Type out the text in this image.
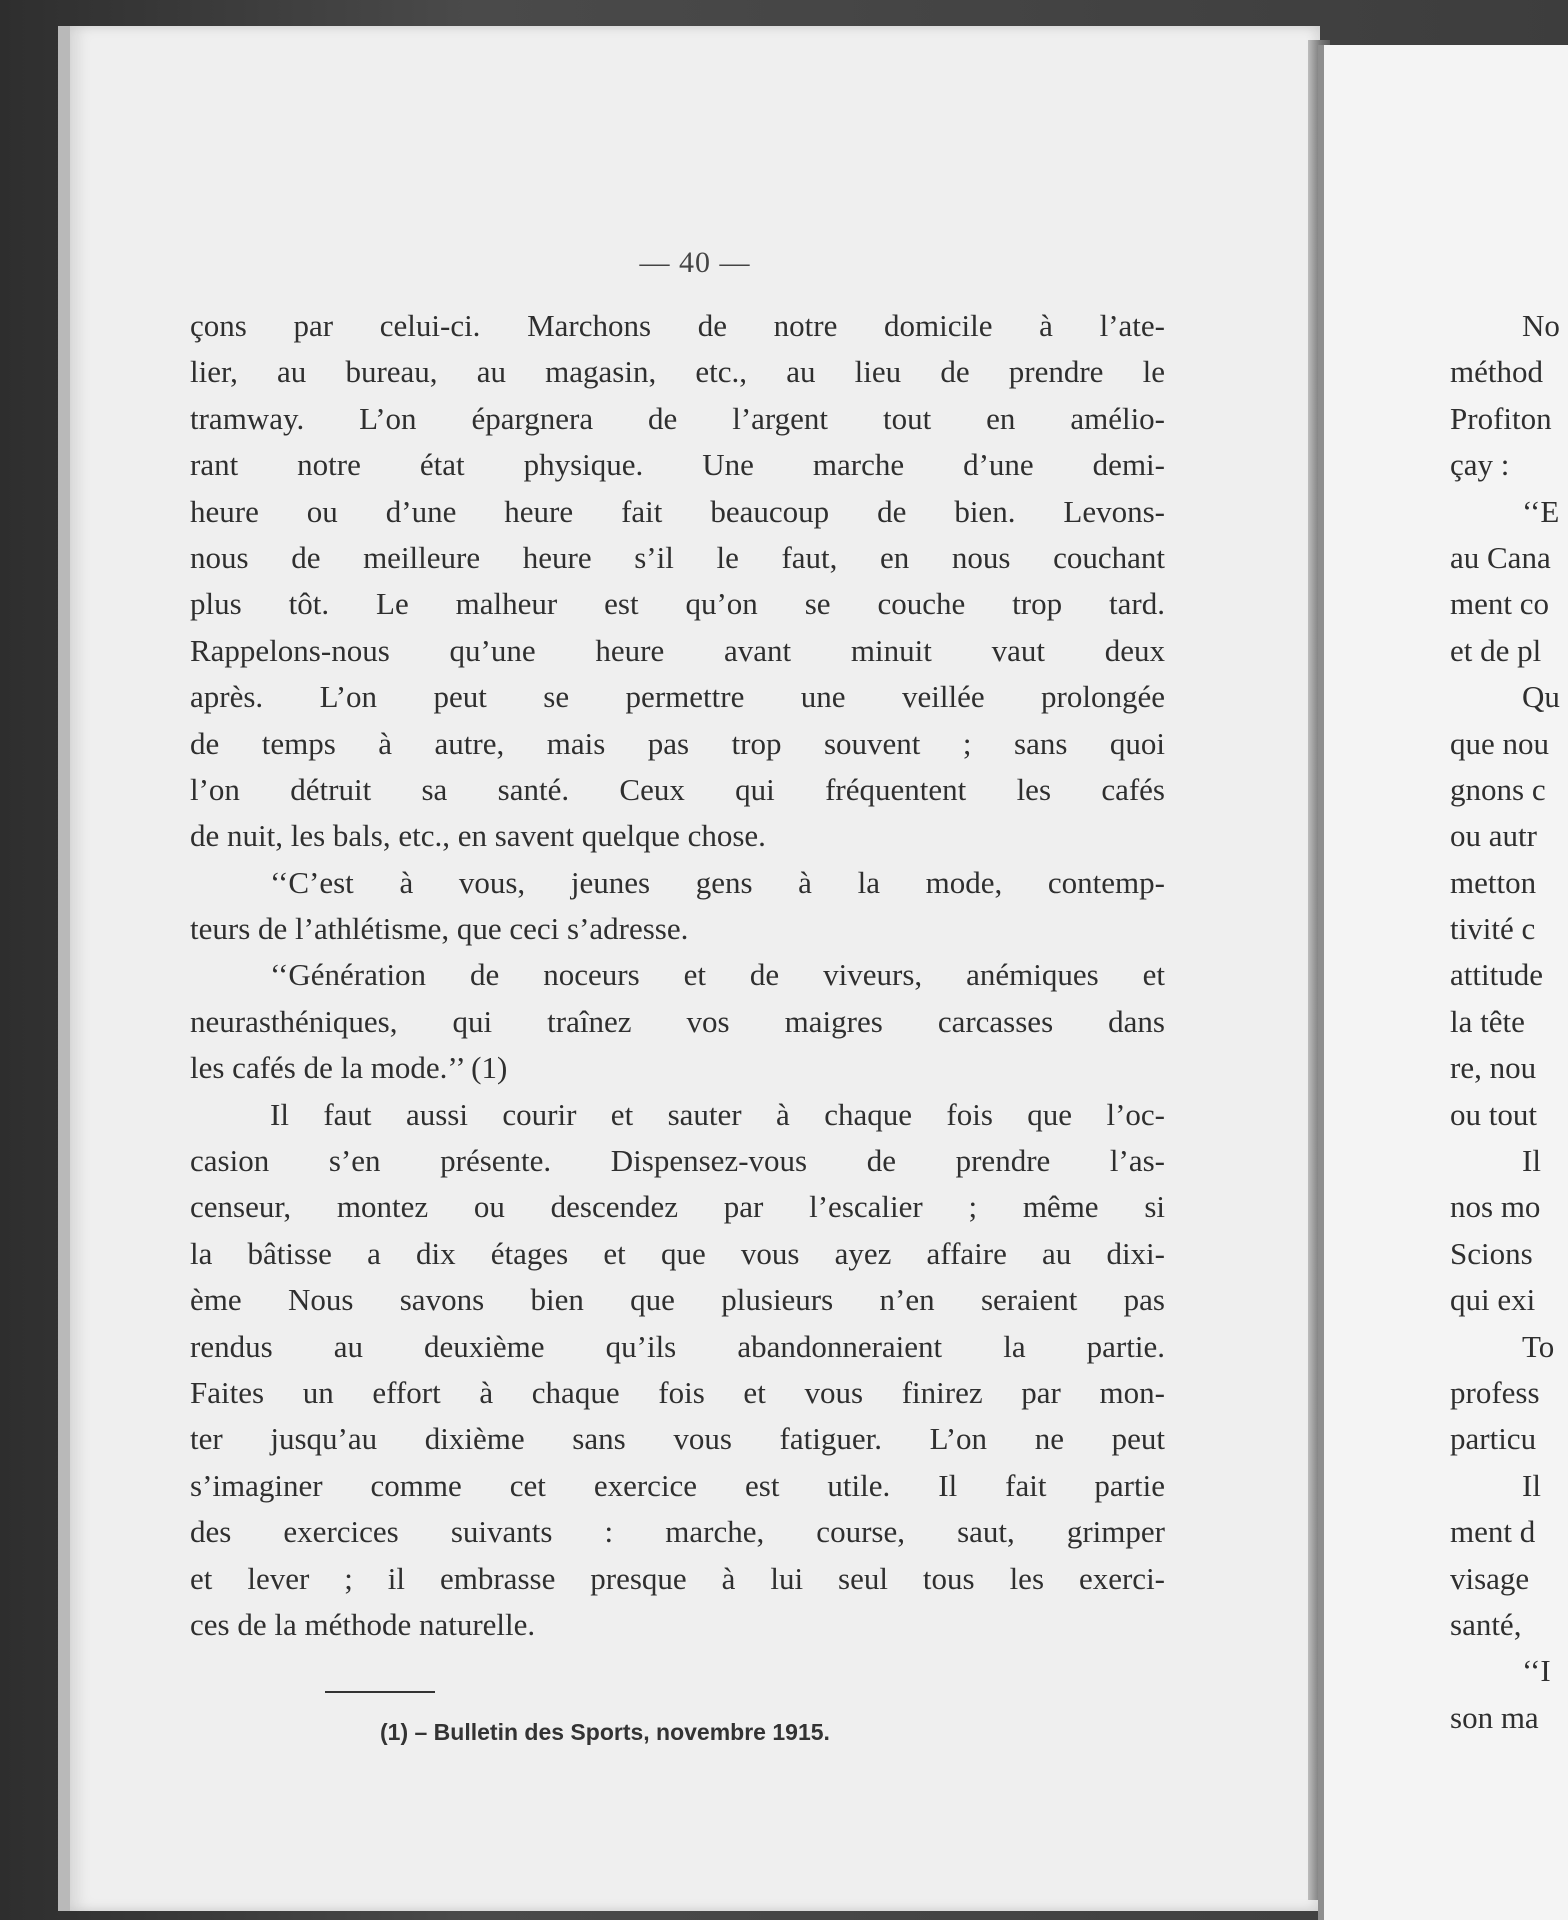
— 40 —
(1) – Bulletin des Sports, novembre 1915.
çons par celui-ci. Marchons de notre domicile à l’ate-
lier, au bureau, au magasin, etc., au lieu de prendre le
tramway. L’on épargnera de l’argent tout en amélio-
rant notre état physique. Une marche d’une demi-
heure ou d’une heure fait beaucoup de bien. Levons-
nous de meilleure heure s’il le faut, en nous couchant
plus tôt. Le malheur est qu’on se couche trop tard.
Rappelons-nous qu’une heure avant minuit vaut deux
après. L’on peut se permettre une veillée prolongée
de temps à autre, mais pas trop souvent ; sans quoi
l’on détruit sa santé. Ceux qui fréquentent les cafés
de nuit, les bals, etc., en savent quelque chose.
‘‘C’est à vous, jeunes gens à la mode, contemp-
teurs de l’athlétisme, que ceci s’adresse.
‘‘Génération de noceurs et de viveurs, anémiques et
neurasthéniques, qui traînez vos maigres carcasses dans
les cafés de la mode.’’ (1)
Il faut aussi courir et sauter à chaque fois que l’oc-
casion s’en présente. Dispensez-vous de prendre l’as-
censeur, montez ou descendez par l’escalier ; même si
la bâtisse a dix étages et que vous ayez affaire au dixi-
ème Nous savons bien que plusieurs n’en seraient pas
rendus au deuxième qu’ils abandonneraient la partie.
Faites un effort à chaque fois et vous finirez par mon-
ter jusqu’au dixième sans vous fatiguer. L’on ne peut
s’imaginer comme cet exercice est utile. Il fait partie
des exercices suivants : marche, course, saut, grimper
et lever ; il embrasse presque à lui seul tous les exerci-
ces de la méthode naturelle.
No
méthod
Profiton
çay :
‘‘E
au Cana
ment co
et de pl
Qu
que nou
gnons c
ou autr
metton
tivité c
attitude
la tête
re, nou
ou tout
Il
nos mo
Scions
qui exi
To
profess
particu
Il
ment d
visage
santé,
‘‘I
son ma
